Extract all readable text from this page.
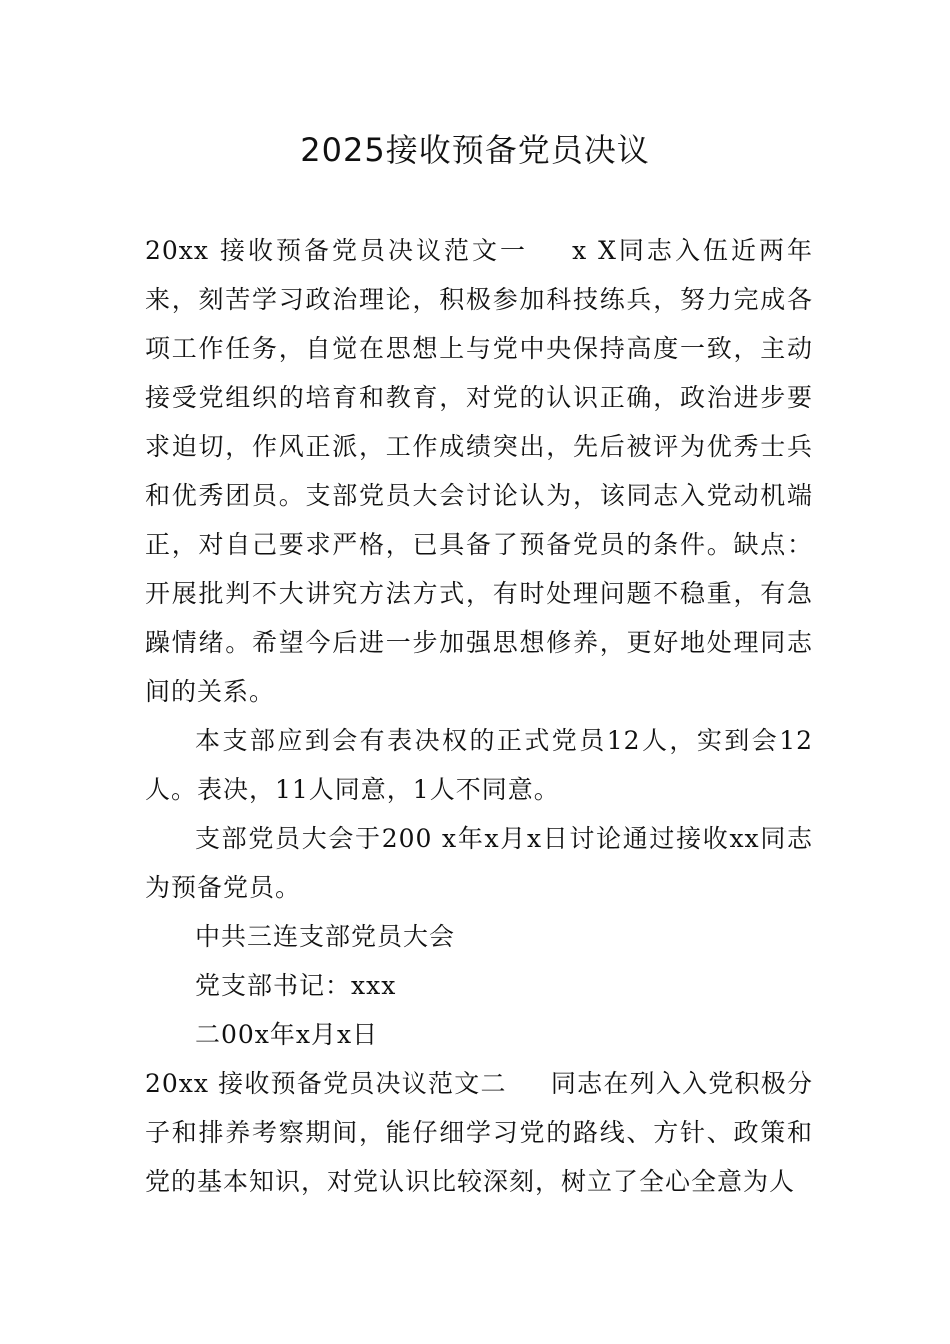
2025接收预备党员决议

20xx 接收预备党员决议范文一 x X同志入伍近两年来，刻苦学习政治理论，积极参加科技练兵，努力完成各项工作任务，自觉在思想上与党中央保持高度一致，主动接受党组织的培育和教育，对党的认识正确，政治进步要求迫切，作风正派，工作成绩突出，先后被评为优秀士兵和优秀团员。支部党员大会讨论认为，该同志入党动机端正，对自己要求严格，已具备了预备党员的条件。缺点：开展批判不大讲究方法方式，有时处理问题不稳重，有急躁情绪。希望今后进一步加强思想修养，更好地处理同志间的关系。

本支部应到会有表决权的正式党员12人，实到会12人。表决，11人同意，1人不同意。

支部党员大会于200 x年x月x日讨论通过接收xx同志为预备党员。

中共三连支部党员大会

党支部书记：xxx

二00x年x月x日

20xx 接收预备党员决议范文二 同志在列入入党积极分子和排养考察期间，能仔细学习党的路线、方针、政策和党的基本知识，对党认识比较深刻，树立了全心全意为人
